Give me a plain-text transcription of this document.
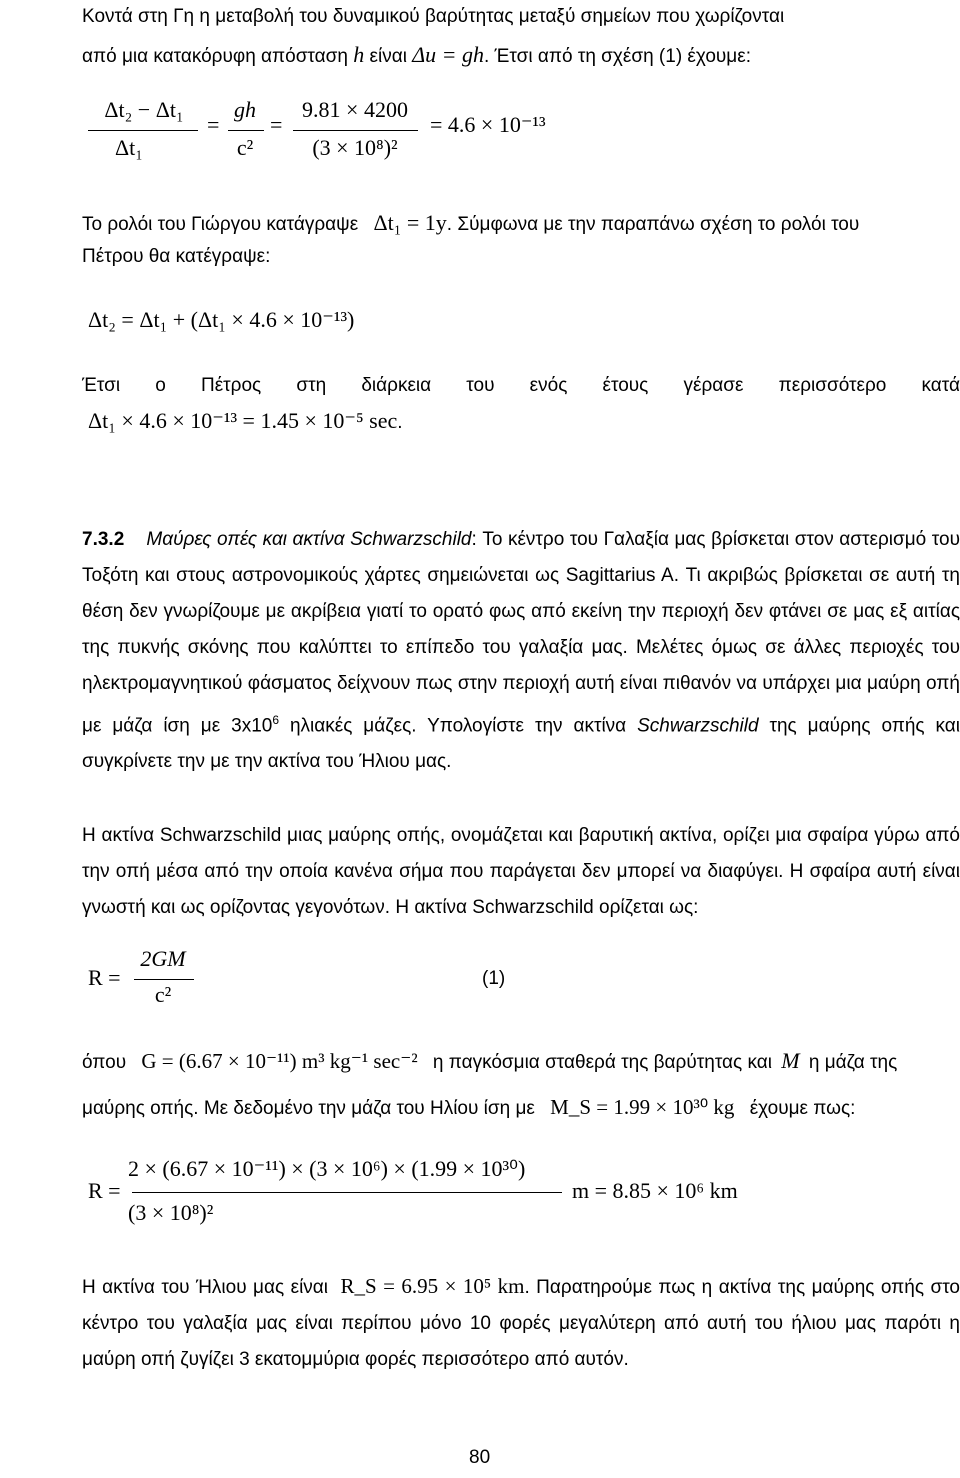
Κοντά στη Γη η μεταβολή του δυναμικού βαρύτητας μεταξύ σημείων που χωρίζονται
από μια κατακόρυφη απόσταση h είναι Δu = gh. Έτσι από τη σχέση (1) έχουμε:
Δt₂ − Δt₁
Δt₁
=
gh
c²
=
9.81 × 4200
(3 × 10⁸)²
= 4.6 × 10⁻¹³
Το ρολόι του Γιώργου κατάγραψε Δt₁ = 1y. Σύμφωνα με την παραπάνω σχέση το ρολόι του
Πέτρου θα κατέγραψε:
Δt₂ = Δt₁ + (Δt₁ × 4.6 × 10⁻¹³)
Έτσι ο Πέτρος στη διάρκεια του ενός έτους γέρασε περισσότερο κατά
Δt₁ × 4.6 × 10⁻¹³ = 1.45 × 10⁻⁵ sec.

7.3.2 Μαύρες οπές και ακτίνα Schwarzschild: Το κέντρο του Γαλαξία μας βρίσκεται στον αστερισμό του Τοξότη και στους αστρονομικούς χάρτες σημειώνεται ως Sagittarius A. Τι ακριβώς βρίσκεται σε αυτή τη θέση δεν γνωρίζουμε με ακρίβεια γιατί το ορατό φως από εκείνη την περιοχή δεν φτάνει σε μας εξ αιτίας της πυκνής σκόνης που καλύπτει το επίπεδο του γαλαξία μας. Μελέτες όμως σε άλλες περιοχές του ηλεκτρομαγνητικού φάσματος δείχνουν πως στην περιοχή αυτή είναι πιθανόν να υπάρχει μια μαύρη οπή με μάζα ίση με $3x10^6$ ηλιακές μάζες. Υπολογίστε την ακτίνα Schwarzschild της μαύρης οπής και συγκρίνετε την με την ακτίνα του Ήλιου μας.

Η ακτίνα Schwarzschild μιας μαύρης οπής, ονομάζεται και βαρυτική ακτίνα, ορίζει μια σφαίρα γύρω από την οπή μέσα από την οποία κανένα σήμα που παράγεται δεν μπορεί να διαφύγει. Η σφαίρα αυτή είναι γνωστή και ως ορίζοντας γεγονότων. Η ακτίνα Schwarzschild ορίζεται ως:

R =
2GM
c²
(1)
όπου G = (6.67 × 10⁻¹¹) m³ kg⁻¹ sec⁻² η παγκόσμια σταθερά της βαρύτητας και M η μάζα της
μαύρης οπής. Με δεδομένο την μάζα του Ηλίου ίση με M_S = 1.99 × 10³⁰ kg έχουμε πως:
R =
2 × (6.67 × 10⁻¹¹) × (3 × 10⁶) × (1.99 × 10³⁰)
(3 × 10⁸)²
m = 8.85 × 10⁶ km

Η ακτίνα του Ήλιου μας είναι R_S = 6.95 × 10⁵ km. Παρατηρούμε πως η ακτίνα της μαύρης οπής στο κέντρο του γαλαξία μας είναι περίπου μόνο 10 φορές μεγαλύτερη από αυτή του ήλιου μας παρότι η μαύρη οπή ζυγίζει 3 εκατομμύρια φορές περισσότερο από αυτόν.

80
